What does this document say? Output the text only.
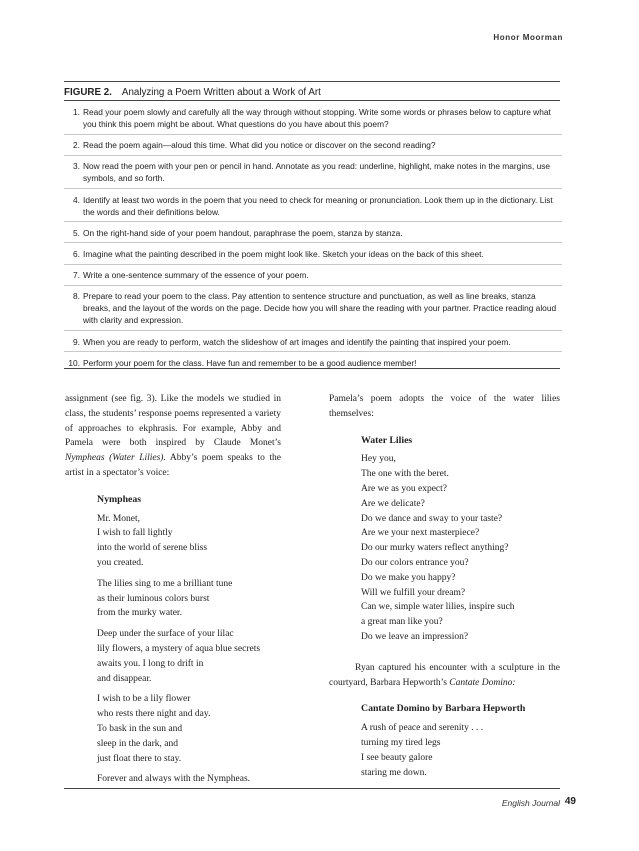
Honor Moorman
FIGURE 2. Analyzing a Poem Written about a Work of Art
1. Read your poem slowly and carefully all the way through without stopping. Write some words or phrases below to capture what you think this poem might be about. What questions do you have about this poem?
2. Read the poem again—aloud this time. What did you notice or discover on the second reading?
3. Now read the poem with your pen or pencil in hand. Annotate as you read: underline, highlight, make notes in the margins, use symbols, and so forth.
4. Identify at least two words in the poem that you need to check for meaning or pronunciation. Look them up in the dictionary. List the words and their definitions below.
5. On the right-hand side of your poem handout, paraphrase the poem, stanza by stanza.
6. Imagine what the painting described in the poem might look like. Sketch your ideas on the back of this sheet.
7. Write a one-sentence summary of the essence of your poem.
8. Prepare to read your poem to the class. Pay attention to sentence structure and punctuation, as well as line breaks, stanza breaks, and the layout of the words on the page. Decide how you will share the reading with your partner. Practice reading aloud with clarity and expression.
9. When you are ready to perform, watch the slideshow of art images and identify the painting that inspired your poem.
10. Perform your poem for the class. Have fun and remember to be a good audience member!

assignment (see fig. 3). Like the models we studied in class, the students’ response poems represented a variety of approaches to ekphrasis. For example, Abby and Pamela were both inspired by Claude Monet’s Nympheas (Water Lilies). Abby’s poem speaks to the artist in a spectator’s voice:

Nympheas
Mr. Monet,
I wish to fall lightly
into the world of serene bliss
you created.
The lilies sing to me a brilliant tune
as their luminous colors burst
from the murky water.
Deep under the surface of your lilac
lily flowers, a mystery of aqua blue secrets
awaits you. I long to drift in
and disappear.
I wish to be a lily flower
who rests there night and day.
To bask in the sun and
sleep in the dark, and
just float there to stay.
Forever and always with the Nympheas.

Pamela’s poem adopts the voice of the water lilies themselves:

Water Lilies
Hey you,
The one with the beret.
Are we as you expect?
Are we delicate?
Do we dance and sway to your taste?
Are we your next masterpiece?
Do our murky waters reflect anything?
Do our colors entrance you?
Do we make you happy?
Will we fulfill your dream?
Can we, simple water lilies, inspire such
a great man like you?
Do we leave an impression?

Ryan captured his encounter with a sculpture in the courtyard, Barbara Hepworth’s Cantate Domino:

Cantate Domino by Barbara Hepworth
A rush of peace and serenity . . .
turning my tired legs
I see beauty galore
staring me down.
English Journal 49
